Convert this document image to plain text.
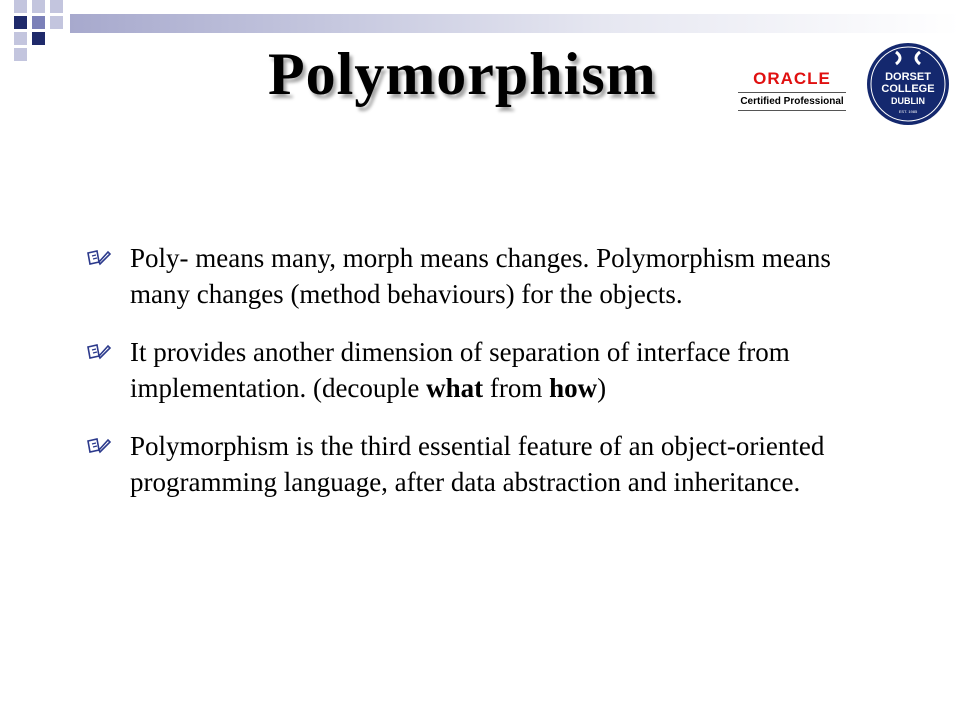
Polymorphism	ORACLE
Certified Professional
DORSET
COLLEGE
DUBLIN
EST. 1985
Poly- means many, morph means changes. Polymorphism means many changes (method behaviours) for the objects.
It provides another dimension of separation of interface from implementation. (decouple what from how)
Polymorphism is the third essential feature of an object-oriented programming language, after data abstraction and inheritance.
